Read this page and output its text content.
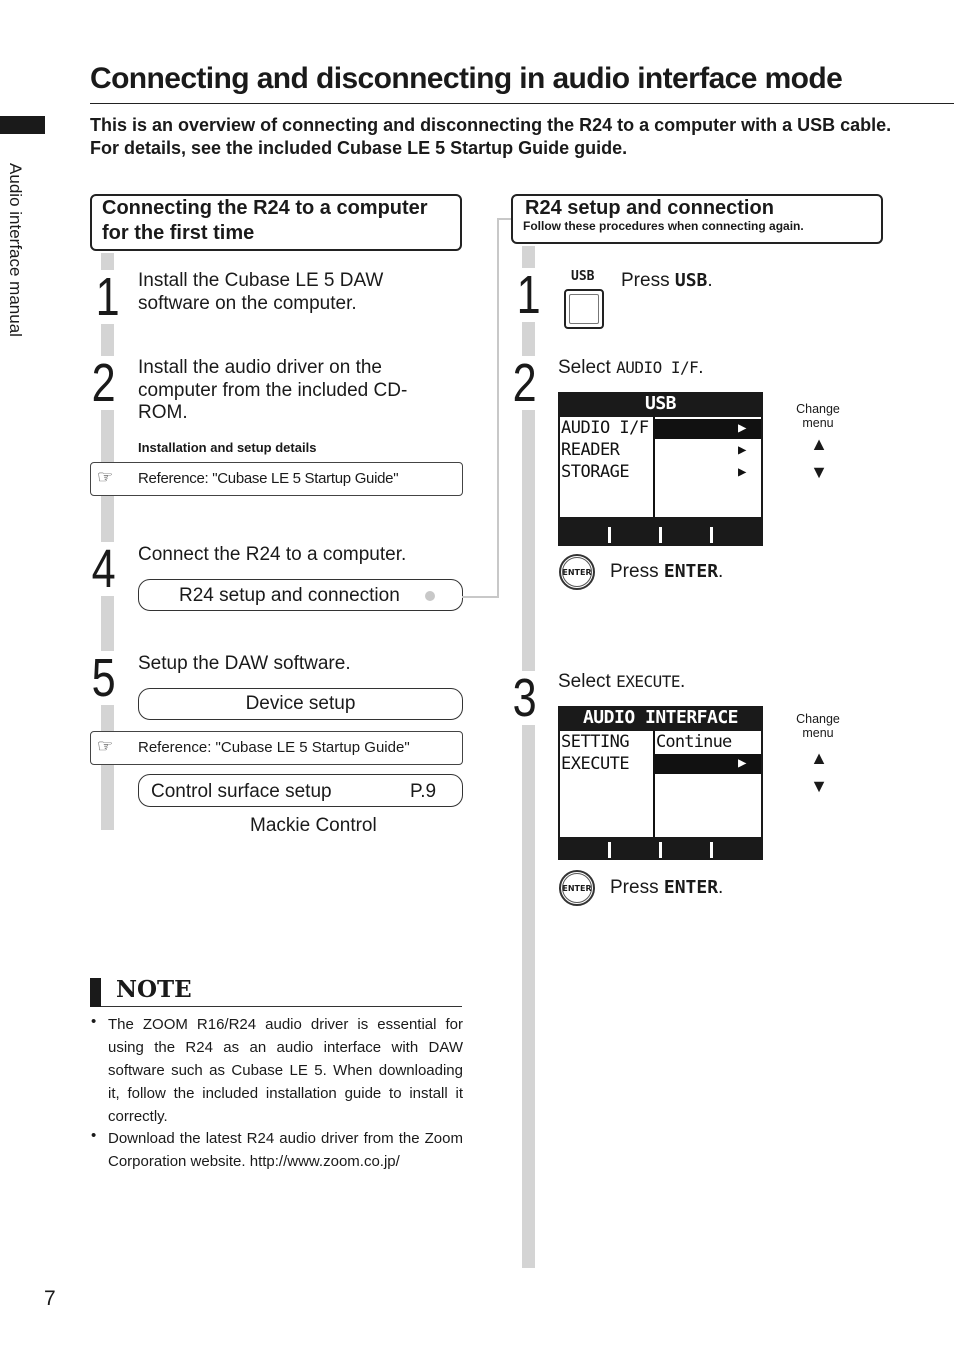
Connecting and disconnecting in audio interface mode
Audio interface manual
This is an overview of connecting and disconnecting the R24 to a computer with a USB cable. For details, see the included Cubase LE 5 Startup Guide guide.
Connecting the R24 to a computer for the first time
1 Install the Cubase LE 5 DAW software on the computer.
2 Install the audio driver on the computer from the included CD-ROM.
Installation and setup details
☞ Reference: "Cubase LE 5 Startup Guide"
4 Connect the R24 to a computer.
R24 setup and connection
5 Setup the DAW software.
Device setup
☞ Reference: "Cubase LE 5 Startup Guide"
Control surface setup	P.9
Mackie Control
NOTE
• The ZOOM R16/R24 audio driver is essential for using the R24 as an audio interface with DAW software such as Cubase LE 5. When downloading it, follow the included installation guide to install it correctly.
• Download the latest R24 audio driver from the Zoom Corporation website. http://www.zoom.co.jp/
R24 setup and connection
Follow these procedures when connecting again.
1	USB Press USB.
2 Select AUDIO I/F.
USB
AUDIO I/F	▶
READER	▶
STORAGE	▶
Change menu
▲
▼
ENTER Press ENTER.
3 Select EXECUTE.
AUDIO INTERFACE
SETTING Continue
EXECUTE	▶
Change menu
▲
▼
ENTER Press ENTER.
7
